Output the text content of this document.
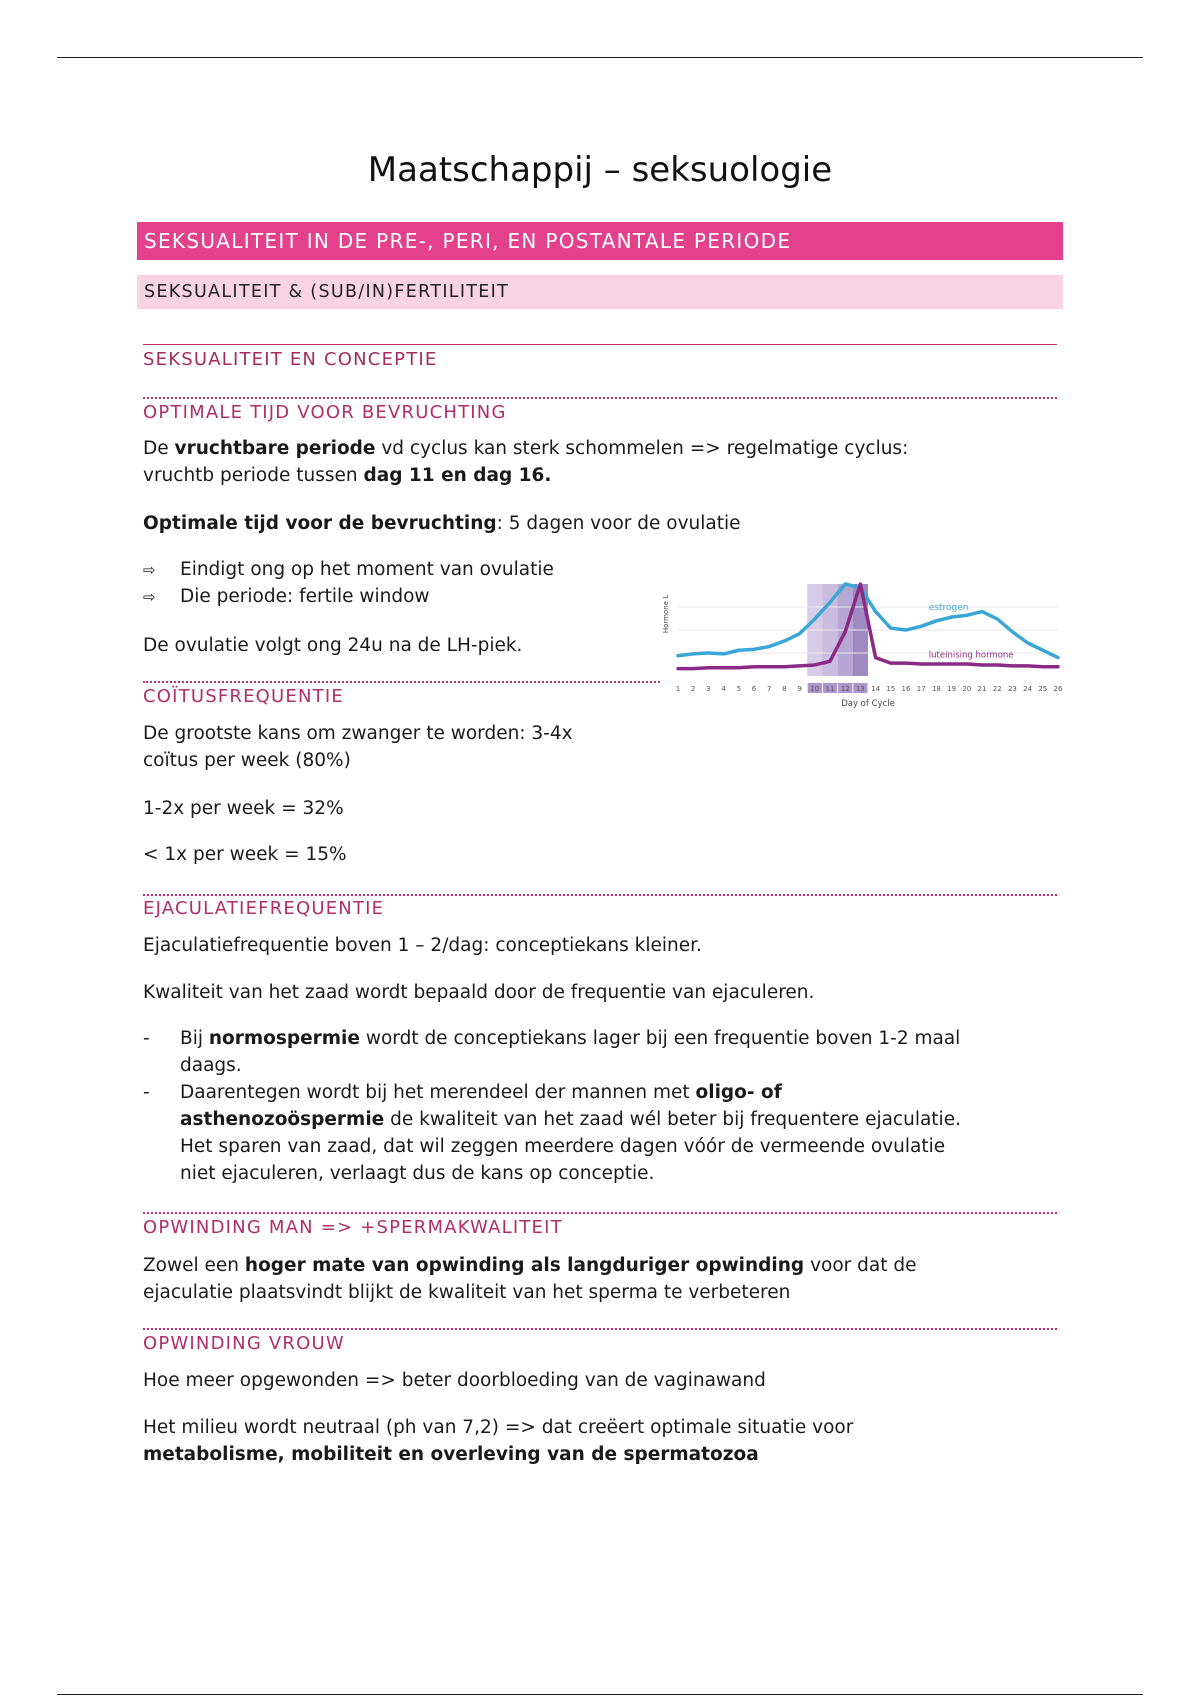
Maatschappij – seksuologie
SEKSUALITEIT IN DE PRE-, PERI, EN POSTANTALE PERIODE
SEKSUALITEIT & (SUB/IN)FERTILITEIT
SEKSUALITEIT EN CONCEPTIE
OPTIMALE TIJD VOOR BEVRUCHTING
De vruchtbare periode vd cyclus kan sterk schommelen => regelmatige cyclus:
vruchtb periode tussen dag 11 en dag 16.
Optimale tijd voor de bevruchting: 5 dagen voor de ovulatie
⇨ Eindigt ong op het moment van ovulatie
⇨ Die periode: fertile window
De ovulatie volgt ong 24u na de LH-piek.
estrogen
luteinising hormone
1 2 3 4 5 6 7 8 9 10 11 12 13 14 15 16 17 18 19 20 21 22 23 24 25 26
Day of Cycle
Hormone L
COÏTUSFREQUENTIE
De grootste kans om zwanger te worden: 3-4x
coïtus per week (80%)
1-2x per week = 32%
< 1x per week = 15%
EJACULATIEFREQUENTIE
Ejaculatiefrequentie boven 1 – 2/dag: conceptiekans kleiner.
Kwaliteit van het zaad wordt bepaald door de frequentie van ejaculeren.
- Bij normospermie wordt de conceptiekans lager bij een frequentie boven 1-2 maal
daags.
- Daarentegen wordt bij het merendeel der mannen met oligo- of
asthenozoöspermie de kwaliteit van het zaad wél beter bij frequentere ejaculatie.
Het sparen van zaad, dat wil zeggen meerdere dagen vóór de vermeende ovulatie
niet ejaculeren, verlaagt dus de kans op conceptie.
OPWINDING MAN => +SPERMAKWALITEIT
Zowel een hoger mate van opwinding als langduriger opwinding voor dat de
ejaculatie plaatsvindt blijkt de kwaliteit van het sperma te verbeteren
OPWINDING VROUW
Hoe meer opgewonden => beter doorbloeding van de vaginawand
Het milieu wordt neutraal (ph van 7,2) => dat creëert optimale situatie voor
metabolisme, mobiliteit en overleving van de spermatozoa
